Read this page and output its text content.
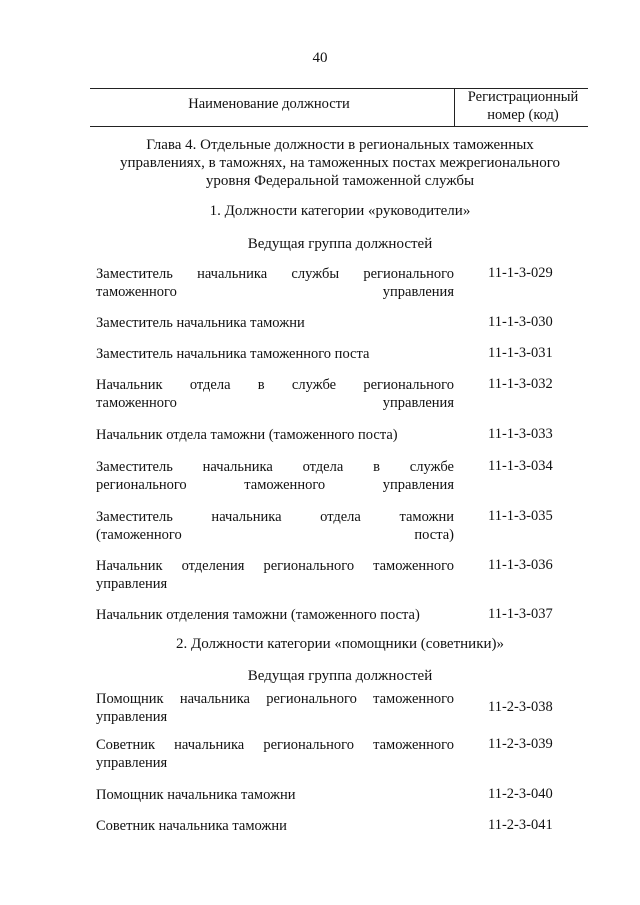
40
Наименование должности	Регистрационный
номер (код)
Глава 4. Отдельные должности в региональных таможенных
управлениях, в таможнях, на таможенных постах межрегионального
уровня Федеральной таможенной службы
1. Должности категории «руководители»
Ведущая группа должностей
Заместитель начальника службы регионального
таможенного управления
11-1-3-029
Заместитель начальника таможни	11-1-3-030
Заместитель начальника таможенного поста	11-1-3-031
Начальник отдела в службе регионального
таможенного управления
11-1-3-032
Начальник отдела таможни (таможенного поста)	11-1-3-033
Заместитель начальника отдела в службе
регионального таможенного управления
11-1-3-034
Заместитель начальника отдела таможни
(таможенного поста)
11-1-3-035
Начальник отделения регионального таможенного
управления
11-1-3-036
Начальник отделения таможни (таможенного поста)	11-1-3-037
2. Должности категории «помощники (советники)»
Ведущая группа должностей
Помощник начальника регионального таможенного
управления
11-2-3-038
Советник начальника регионального таможенного
управления
11-2-3-039
Помощник начальника таможни	11-2-3-040
Советник начальника таможни	11-2-3-041
